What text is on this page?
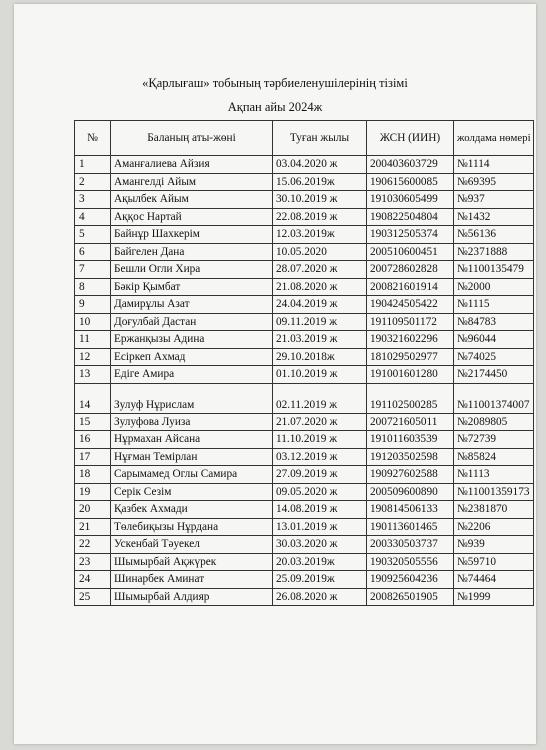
«Қарлығаш» тобының тәрбиеленушілерінің тізімі
Ақпан айы 2024ж
№	Баланың аты-жөні	Туған жылы	ЖСН (ИИН)	жолдама нөмері
1	Аманғалиева Айзия	03.04.2020 ж	200403603729	№1114
2	Амангелді Айым	15.06.2019ж	190615600085	№69395
3	Ақылбек Айым	30.10.2019 ж	191030605499	№937
4	Аққос Нартай	22.08.2019 ж	190822504804	№1432
5	Байнұр Шахкерім	12.03.2019ж	190312505374	№56136
6	Байгелен Дана	10.05.2020	200510600451	№2371888
7	Бешли Огли Хира	28.07.2020 ж	200728602828	№1100135479
8	Бәкір Қымбат	21.08.2020 ж	200821601914	№2000
9	Дамирұлы Азат	24.04.2019 ж	190424505422	№1115
10	Доғулбай Дастан	09.11.2019 ж	191109501172	№84783
11	Ержанқызы Адина	21.03.2019 ж	190321602296	№96044
12	Есіркеп Ахмад	29.10.2018ж	181029502977	№74025
13	Едіге Амира	01.10.2019 ж	191001601280	№2174450
14	Зулуф Нұрислам	02.11.2019 ж	191102500285	№11001374007
15	Зулуфова Луиза	21.07.2020 ж	200721605011	№2089805
16	Нұрмахан Айсана	11.10.2019 ж	191011603539	№72739
17	Нұғман Темірлан	03.12.2019 ж	191203502598	№85824
18	Сарымамед Оглы Самира	27.09.2019 ж	190927602588	№1113
19	Серік Сезім	09.05.2020 ж	200509600890	№11001359173
20	Қазбек Ахмади	14.08.2019 ж	190814506133	№2381870
21	Төлебиқызы Нұрдана	13.01.2019 ж	190113601465	№2206
22	Ускенбай Тәуекел	30.03.2020 ж	200330503737	№939
23	Шымырбай Ақжүрек	20.03.2019ж	190320505556	№59710
24	Шинарбек Аминат	25.09.2019ж	190925604236	№74464
25	Шымырбай Алдияр	26.08.2020 ж	200826501905	№1999
